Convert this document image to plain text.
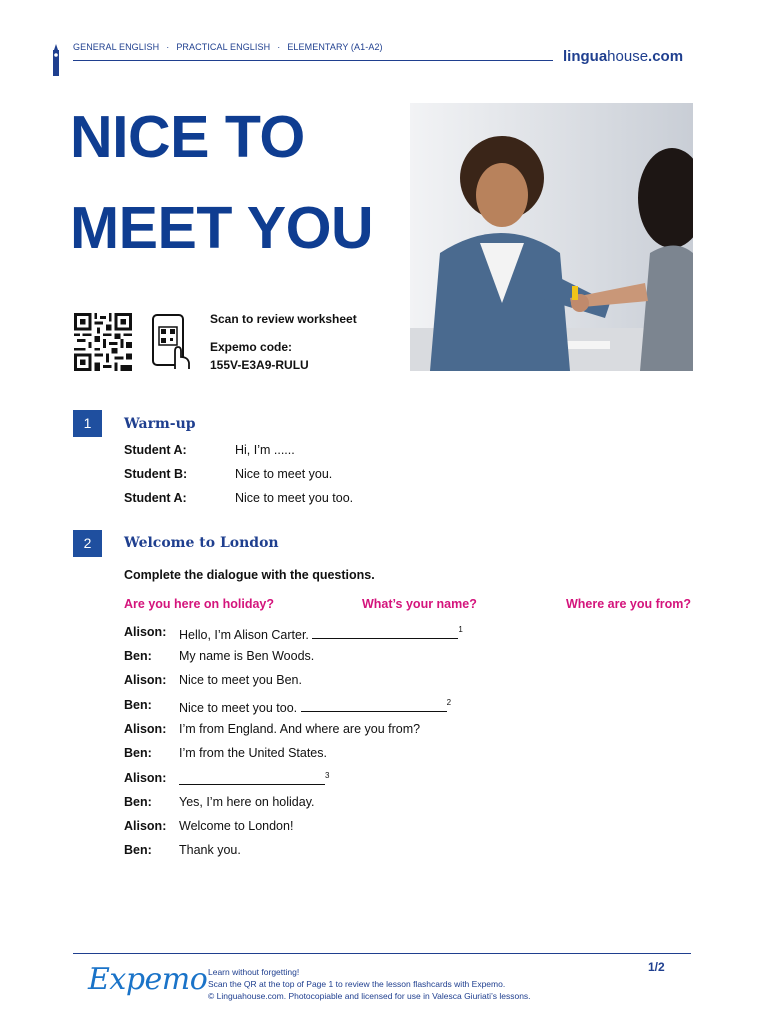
GENERAL ENGLISH · PRACTICAL ENGLISH · ELEMENTARY (A1-A2)
linguahouse.com
NICE TO
MEET YOU
Scan to review worksheet
Expemo code:
155V-E3A9-RULU
1	Warm-up
Student A:	Hi, I’m ......
Student B:	Nice to meet you.
Student A:	Nice to meet you too.
2	Welcome to London
Complete the dialogue with the questions.
Are you here on holiday?	What’s your name?	Where are you from?
Alison: Hello, I’m Alison Carter.	$^1$
Ben: My name is Ben Woods.
Alison: Nice to meet you Ben.
Ben: Nice to meet you too.	$^2$
Alison: I’m from England. And where are you from?
Ben: I’m from the United States.
Alison:	$^3$
Ben: Yes, I’m here on holiday.
Alison: Welcome to London!
Ben: Thank you.
Expemo Learn without forgetting!
Scan the QR at the top of Page 1 to review the lesson flashcards with Expemo.
© Linguahouse.com. Photocopiable and licensed for use in Valesca Giuriati’s lessons.
1/2
